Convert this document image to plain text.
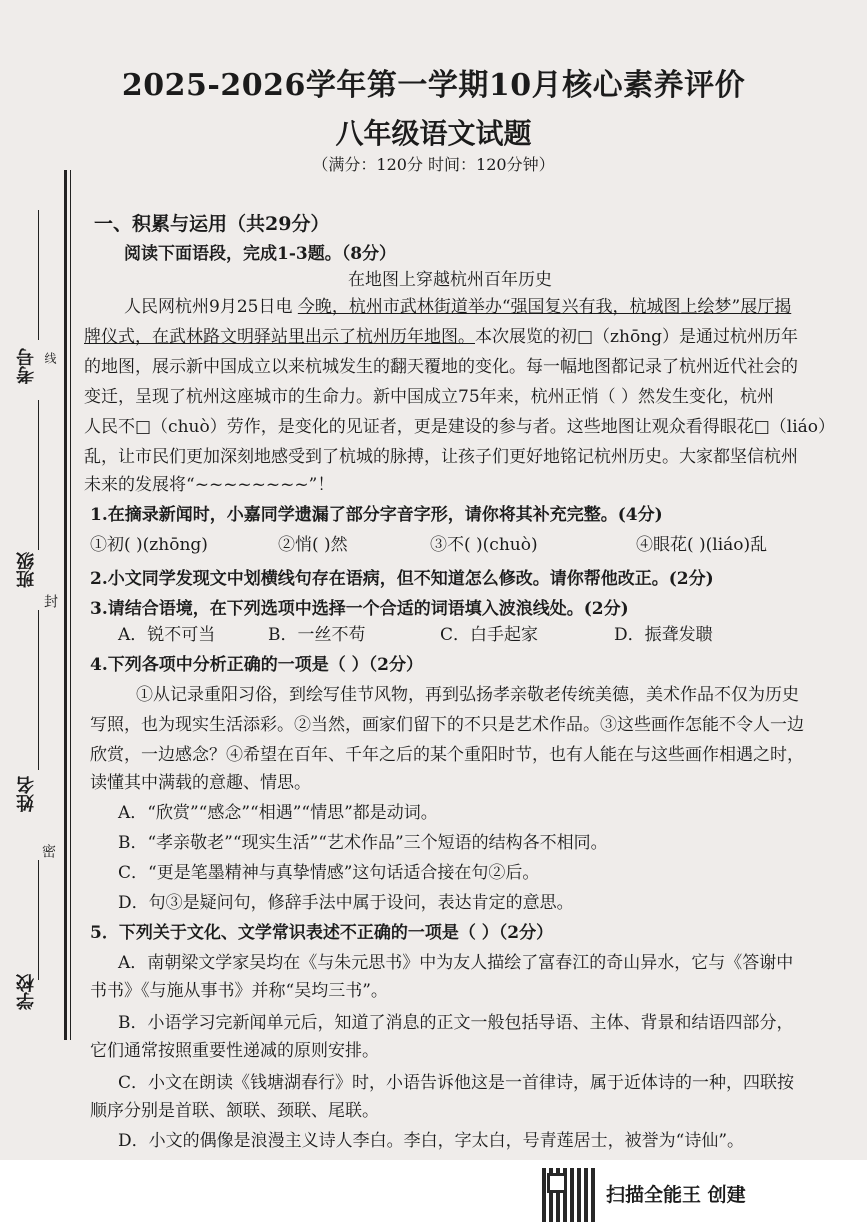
2025-2026学年第一学期10月核心素养评价
八年级语文试题
（满分：120分 时间：120分钟）
考号 线
班级
封
姓名
密
学校
一、积累与运用（共29分）
阅读下面语段，完成1-3题。（8分）
在地图上穿越杭州百年历史
人民网杭州9月25日电 今晚，杭州市武林街道举办“强国复兴有我，杭城图上绘梦”展厅揭
牌仪式，在武林路文明驿站里出示了杭州历年地图。本次展览的初□（zhōng）是通过杭州历年
的地图，展示新中国成立以来杭城发生的翻天覆地的变化。每一幅地图都记录了杭州近代社会的
变迁，呈现了杭州这座城市的生命力。新中国成立75年来，杭州正悄（ ）然发生变化，杭州
人民不□（chuò）劳作，是变化的见证者，更是建设的参与者。这些地图让观众看得眼花□（liáo）
乱，让市民们更加深刻地感受到了杭城的脉搏，让孩子们更好地铭记杭州历史。大家都坚信杭州
未来的发展将“~~~~~~~~”！
1.在摘录新闻时，小嘉同学遗漏了部分字音字形，请你将其补充完整。(4分)
①初( )(zhōng)	②悄( )然	③不( )(chuò)	④眼花( )(liáo)乱
2.小文同学发现文中划横线句存在语病，但不知道怎么修改。请你帮他改正。(2分)
3.请结合语境，在下列选项中选择一个合适的词语填入波浪线处。(2分)
A．锐不可当	B．一丝不苟	C．白手起家	D．振聋发聩
4.下列各项中分析正确的一项是（ ）（2分）
①从记录重阳习俗，到绘写佳节风物，再到弘扬孝亲敬老传统美德，美术作品不仅为历史
写照，也为现实生活添彩。②当然，画家们留下的不只是艺术作品。③这些画作怎能不令人一边
欣赏，一边感念？④希望在百年、千年之后的某个重阳时节，也有人能在与这些画作相遇之时，
读懂其中满载的意趣、情思。
A．“欣赏”“感念”“相遇”“情思”都是动词。
B．“孝亲敬老”“现实生活”“艺术作品”三个短语的结构各不相同。
C．“更是笔墨精神与真挚情感”这句话适合接在句②后。
D．句③是疑问句，修辞手法中属于设问，表达肯定的意思。
5．下列关于文化、文学常识表述不正确的一项是（ ）（2分）
A．南朝梁文学家吴均在《与朱元思书》中为友人描绘了富春江的奇山异水，它与《答谢中
书书》《与施从事书》并称“吴均三书”。
B．小语学习完新闻单元后，知道了消息的正文一般包括导语、主体、背景和结语四部分，
它们通常按照重要性递减的原则安排。
C．小文在朗读《钱塘湖春行》时，小语告诉他这是一首律诗，属于近体诗的一种，四联按
顺序分别是首联、颔联、颈联、尾联。
D．小文的偶像是浪漫主义诗人李白。李白，字太白，号青莲居士，被誉为“诗仙”。
扫描全能王 创建
